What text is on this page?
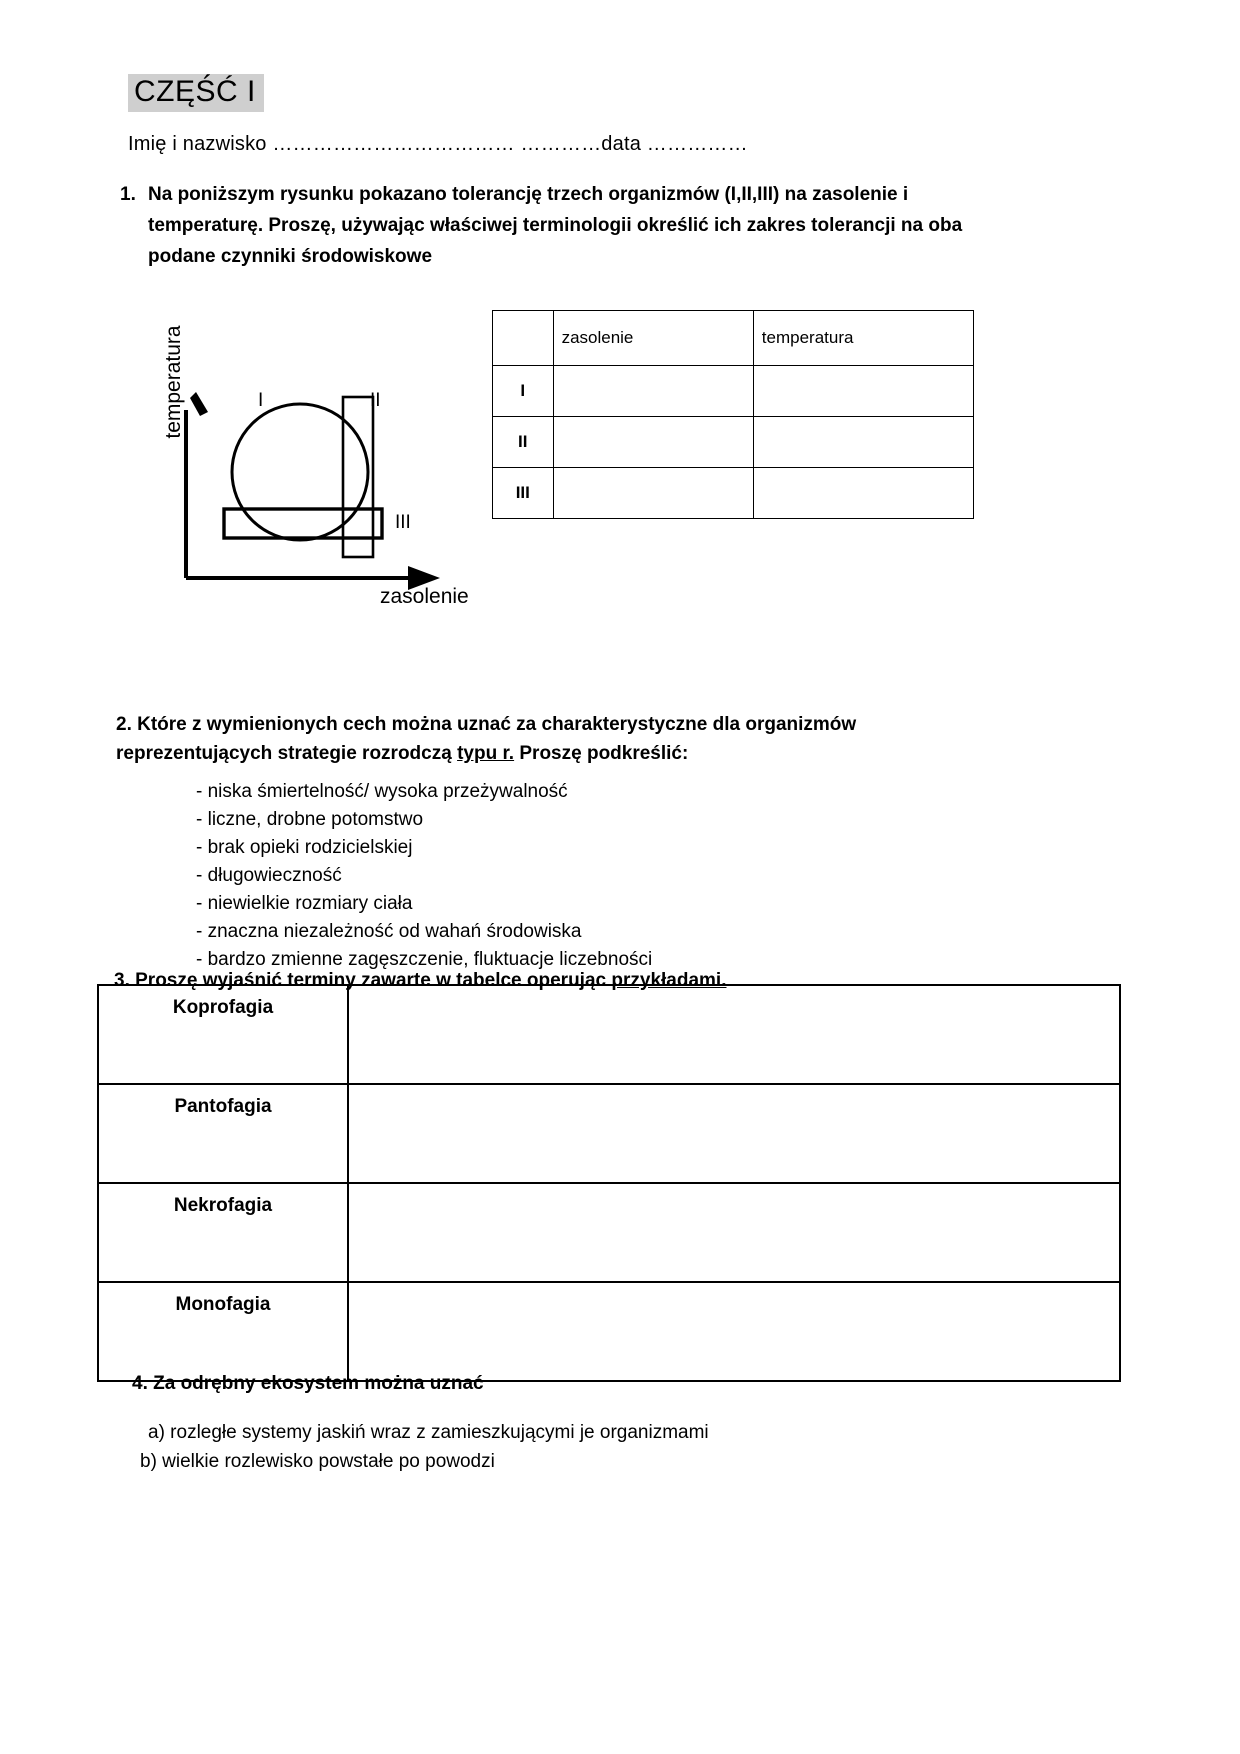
CZĘŚĆ I
Imię i nazwisko ……………………………… …………data ……………
1. Na poniższym rysunku pokazano tolerancję trzech organizmów (I,II,III) na zasolenie i temperaturę. Proszę, używając właściwej terminologii określić ich zakres tolerancji na oba podane czynniki środowiskowe
temperatura
zasolenie
I	II
III
	zasolenie	temperatura
I		
II		
III		
2. Które z wymienionych cech można uznać za charakterystyczne dla organizmów
reprezentujących strategie rozrodczą typu r. Proszę podkreślić:
- niska śmiertelność/ wysoka przeżywalność
- liczne, drobne potomstwo
- brak opieki rodzicielskiej
- długowieczność
- niewielkie rozmiary ciała
- znaczna niezależność od wahań środowiska
- bardzo zmienne zagęszczenie, fluktuacje liczebności
3. Proszę wyjaśnić terminy zawarte w tabelce operując przykładami.
Koprofagia	
Pantofagia	
Nekrofagia	
Monofagia	
4. Za odrębny ekosystem można uznać
a) rozległe systemy jaskiń wraz z zamieszkującymi je organizmami
b) wielkie rozlewisko powstałe po powodzi
